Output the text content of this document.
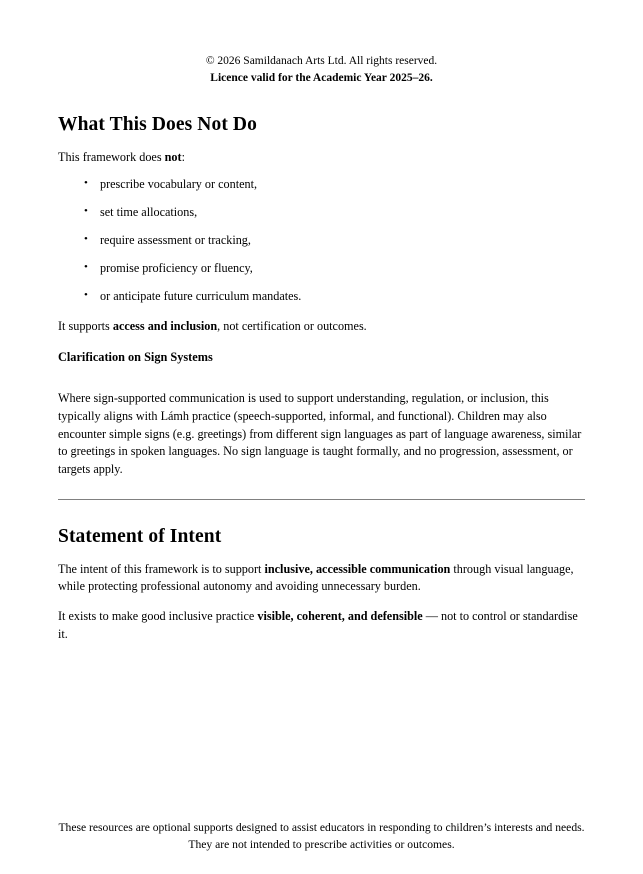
© 2026 Samildanach Arts Ltd. All rights reserved.
Licence valid for the Academic Year 2025–26.
What This Does Not Do

This framework does not:

• prescribe vocabulary or content,
• set time allocations,
• require assessment or tracking,
• promise proficiency or fluency,
• or anticipate future curriculum mandates.

It supports access and inclusion, not certification or outcomes.

Clarification on Sign Systems

Where sign-supported communication is used to support understanding, regulation, or inclusion, this typically aligns with Lámh practice (speech-supported, informal, and functional). Children may also encounter simple signs (e.g. greetings) from different sign languages as part of language awareness, similar to greetings in spoken languages. No sign language is taught formally, and no progression, assessment, or targets apply.

Statement of Intent

The intent of this framework is to support inclusive, accessible communication through visual language, while protecting professional autonomy and avoiding unnecessary burden.

It exists to make good inclusive practice visible, coherent, and defensible — not to control or standardise it.

These resources are optional supports designed to assist educators in responding to children’s interests and needs. They are not intended to prescribe activities or outcomes.
